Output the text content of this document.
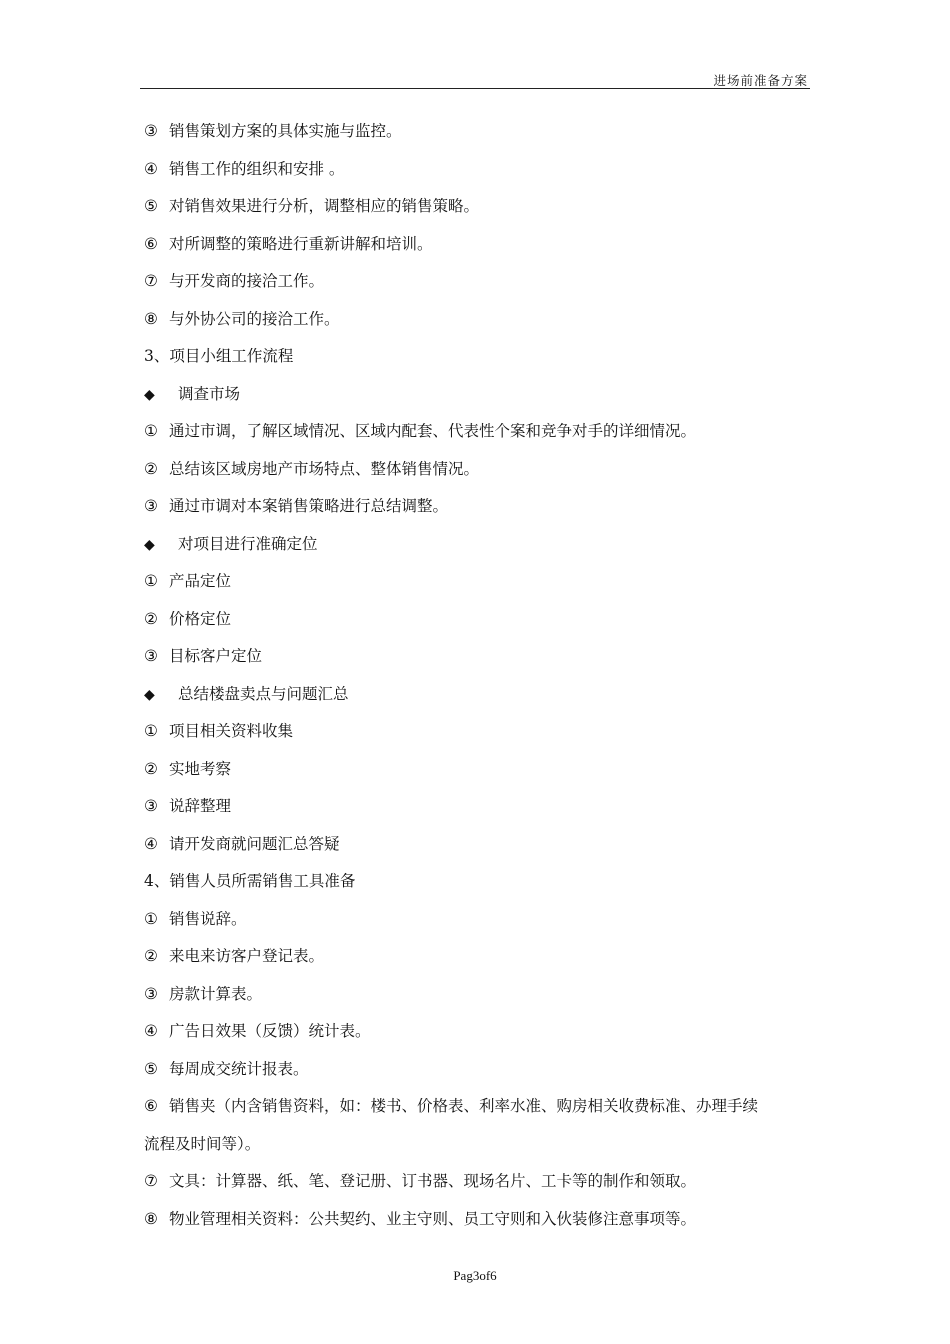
进场前准备方案
③ 销售策划方案的具体实施与监控。
④ 销售工作的组织和安排 。
⑤ 对销售效果进行分析，调整相应的销售策略。
⑥ 对所调整的策略进行重新讲解和培训。
⑦ 与开发商的接洽工作。
⑧ 与外协公司的接洽工作。
3、项目小组工作流程
◆ 调查市场
① 通过市调，了解区域情况、区域内配套、代表性个案和竞争对手的详细情况。
② 总结该区域房地产市场特点、整体销售情况。
③ 通过市调对本案销售策略进行总结调整。
◆ 对项目进行准确定位
① 产品定位
② 价格定位
③ 目标客户定位
◆ 总结楼盘卖点与问题汇总
① 项目相关资料收集
② 实地考察
③ 说辞整理
④ 请开发商就问题汇总答疑
4、销售人员所需销售工具准备
① 销售说辞。
② 来电来访客户登记表。
③ 房款计算表。
④ 广告日效果（反馈）统计表。
⑤ 每周成交统计报表。
⑥ 销售夹（内含销售资料，如：楼书、价格表、利率水准、购房相关收费标准、办理手续
流程及时间等）。
⑦ 文具：计算器、纸、笔、登记册、订书器、现场名片、工卡等的制作和领取。
⑧ 物业管理相关资料：公共契约、业主守则、员工守则和入伙装修注意事项等。
Pag3of6
